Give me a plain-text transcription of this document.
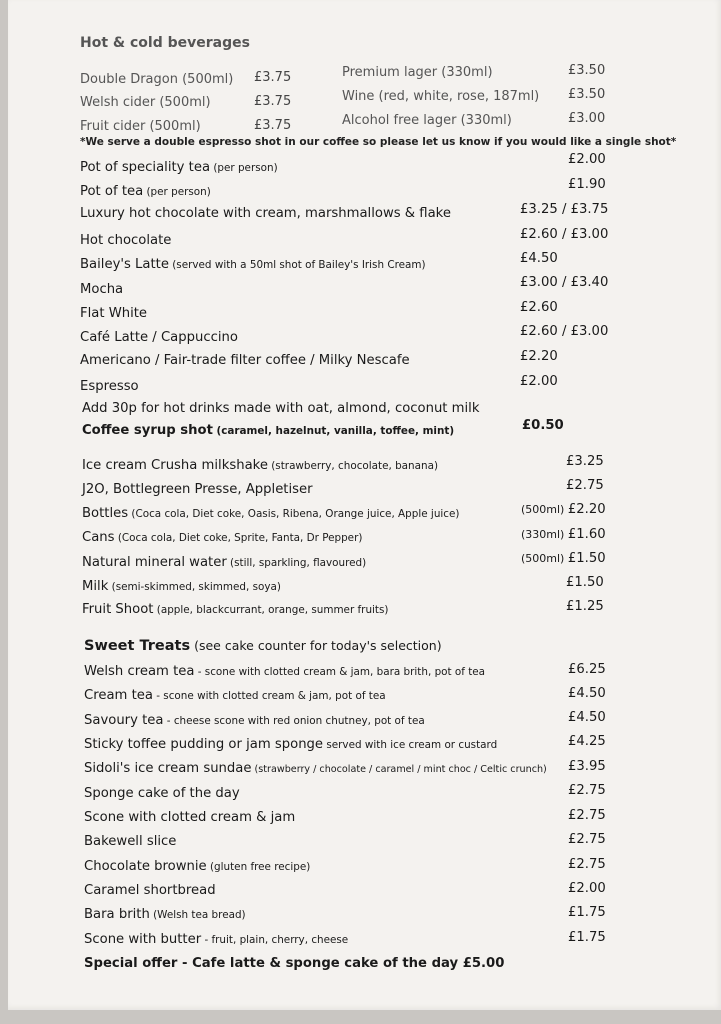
Hot & cold beverages
Double Dragon (500ml) £3.75
Welsh cider (500ml)	£3.75
Fruit cider (500ml)	£3.75
Premium lager (330ml)	£3.50
Wine (red, white, rose, 187ml) £3.50
Alcohol free lager (330ml)	£3.00
*We serve a double espresso shot in our coffee so please let us know if you would like a single shot*
Pot of speciality tea (per person)
£2.00
Pot of tea (per person)	£1.90
Luxury hot chocolate with cream, marshmallows & flake	£3.25 / £3.75
Hot chocolate	£2.60 / £3.00
Bailey's Latte (served with a 50ml shot of Bailey's Irish Cream)	£4.50
Mocha	£3.00 / £3.40
Flat White	£2.60
Café Latte / Cappuccino	£2.60 / £3.00
Americano / Fair-trade filter coffee / Milky Nescafe	£2.20
Espresso	£2.00
Add 30p for hot drinks made with oat, almond, coconut milk
Coffee syrup shot (caramel, hazelnut, vanilla, toffee, mint)	£0.50
Ice cream Crusha milkshake (strawberry, chocolate, banana)	£3.25
J2O, Bottlegreen Presse, Appletiser	£2.75
Bottles (Coca cola, Diet coke, Oasis, Ribena, Orange juice, Apple juice)	(500ml) £2.20
Cans (Coca cola, Diet coke, Sprite, Fanta, Dr Pepper)	(330ml) £1.60
Natural mineral water (still, sparkling, flavoured)	(500ml) £1.50
Milk (semi-skimmed, skimmed, soya)	£1.50
Fruit Shoot (apple, blackcurrant, orange, summer fruits)	£1.25
Sweet Treats (see cake counter for today's selection)
Welsh cream tea - scone with clotted cream & jam, bara brith, pot of tea	£6.25
Cream tea - scone with clotted cream & jam, pot of tea	£4.50
Savoury tea - cheese scone with red onion chutney, pot of tea	£4.50
Sticky toffee pudding or jam sponge served with ice cream or custard	£4.25
Sidoli's ice cream sundae (strawberry / chocolate / caramel / mint choc / Celtic crunch) £3.95
Sponge cake of the day	£2.75
Scone with clotted cream & jam	£2.75
Bakewell slice	£2.75
Chocolate brownie (gluten free recipe)	£2.75
Caramel shortbread	£2.00
Bara brith (Welsh tea bread)	£1.75
Scone with butter - fruit, plain, cherry, cheese	£1.75
Special offer - Cafe latte & sponge cake of the day £5.00
